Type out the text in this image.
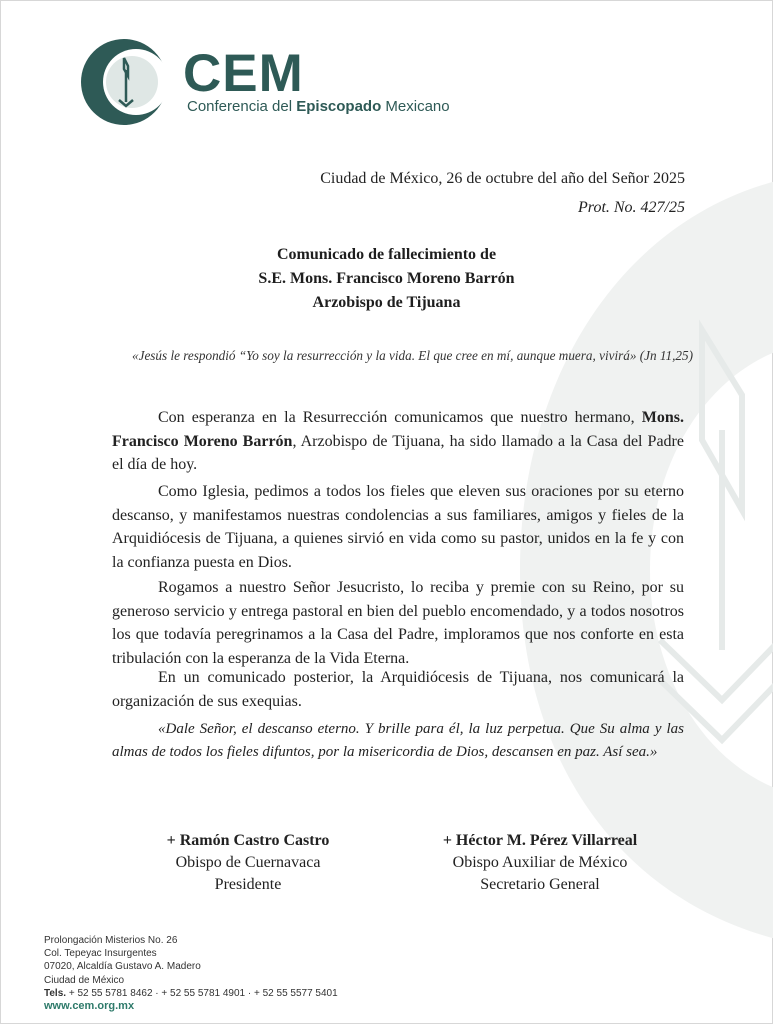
CEM
Conferencia del Episcopado Mexicano
Ciudad de México, 26 de octubre del año del Señor 2025
Prot. No. 427/25
Comunicado de fallecimiento de
S.E. Mons. Francisco Moreno Barrón
Arzobispo de Tijuana
«Jesús le respondió “Yo soy la resurrección y la vida. El que cree en mí, aunque muera, vivirá» (Jn 11,25)

Con esperanza en la Resurrección comunicamos que nuestro hermano, Mons. Francisco Moreno Barrón, Arzobispo de Tijuana, ha sido llamado a la Casa del Padre el día de hoy.

Como Iglesia, pedimos a todos los fieles que eleven sus oraciones por su eterno descanso, y manifestamos nuestras condolencias a sus familiares, amigos y fieles de la Arquidiócesis de Tijuana, a quienes sirvió en vida como su pastor, unidos en la fe y con la confianza puesta en Dios.

Rogamos a nuestro Señor Jesucristo, lo reciba y premie con su Reino, por su generoso servicio y entrega pastoral en bien del pueblo encomendado, y a todos nosotros los que todavía peregrinamos a la Casa del Padre, imploramos que nos conforte en esta tribulación con la esperanza de la Vida Eterna.

En un comunicado posterior, la Arquidiócesis de Tijuana, nos comunicará la organización de sus exequias.

«Dale Señor, el descanso eterno. Y brille para él, la luz perpetua. Que Su alma y las almas de todos los fieles difuntos, por la misericordia de Dios, descansen en paz. Así sea.»

+ Ramón Castro Castro
Obispo de Cuernavaca
Presidente
+ Héctor M. Pérez Villarreal
Obispo Auxiliar de México
Secretario General
Prolongación Misterios No. 26
Col. Tepeyac Insurgentes
07020, Alcaldía Gustavo A. Madero
Ciudad de México
Tels. + 52 55 5781 8462 · + 52 55 5781 4901 · + 52 55 5577 5401
www.cem.org.mx
